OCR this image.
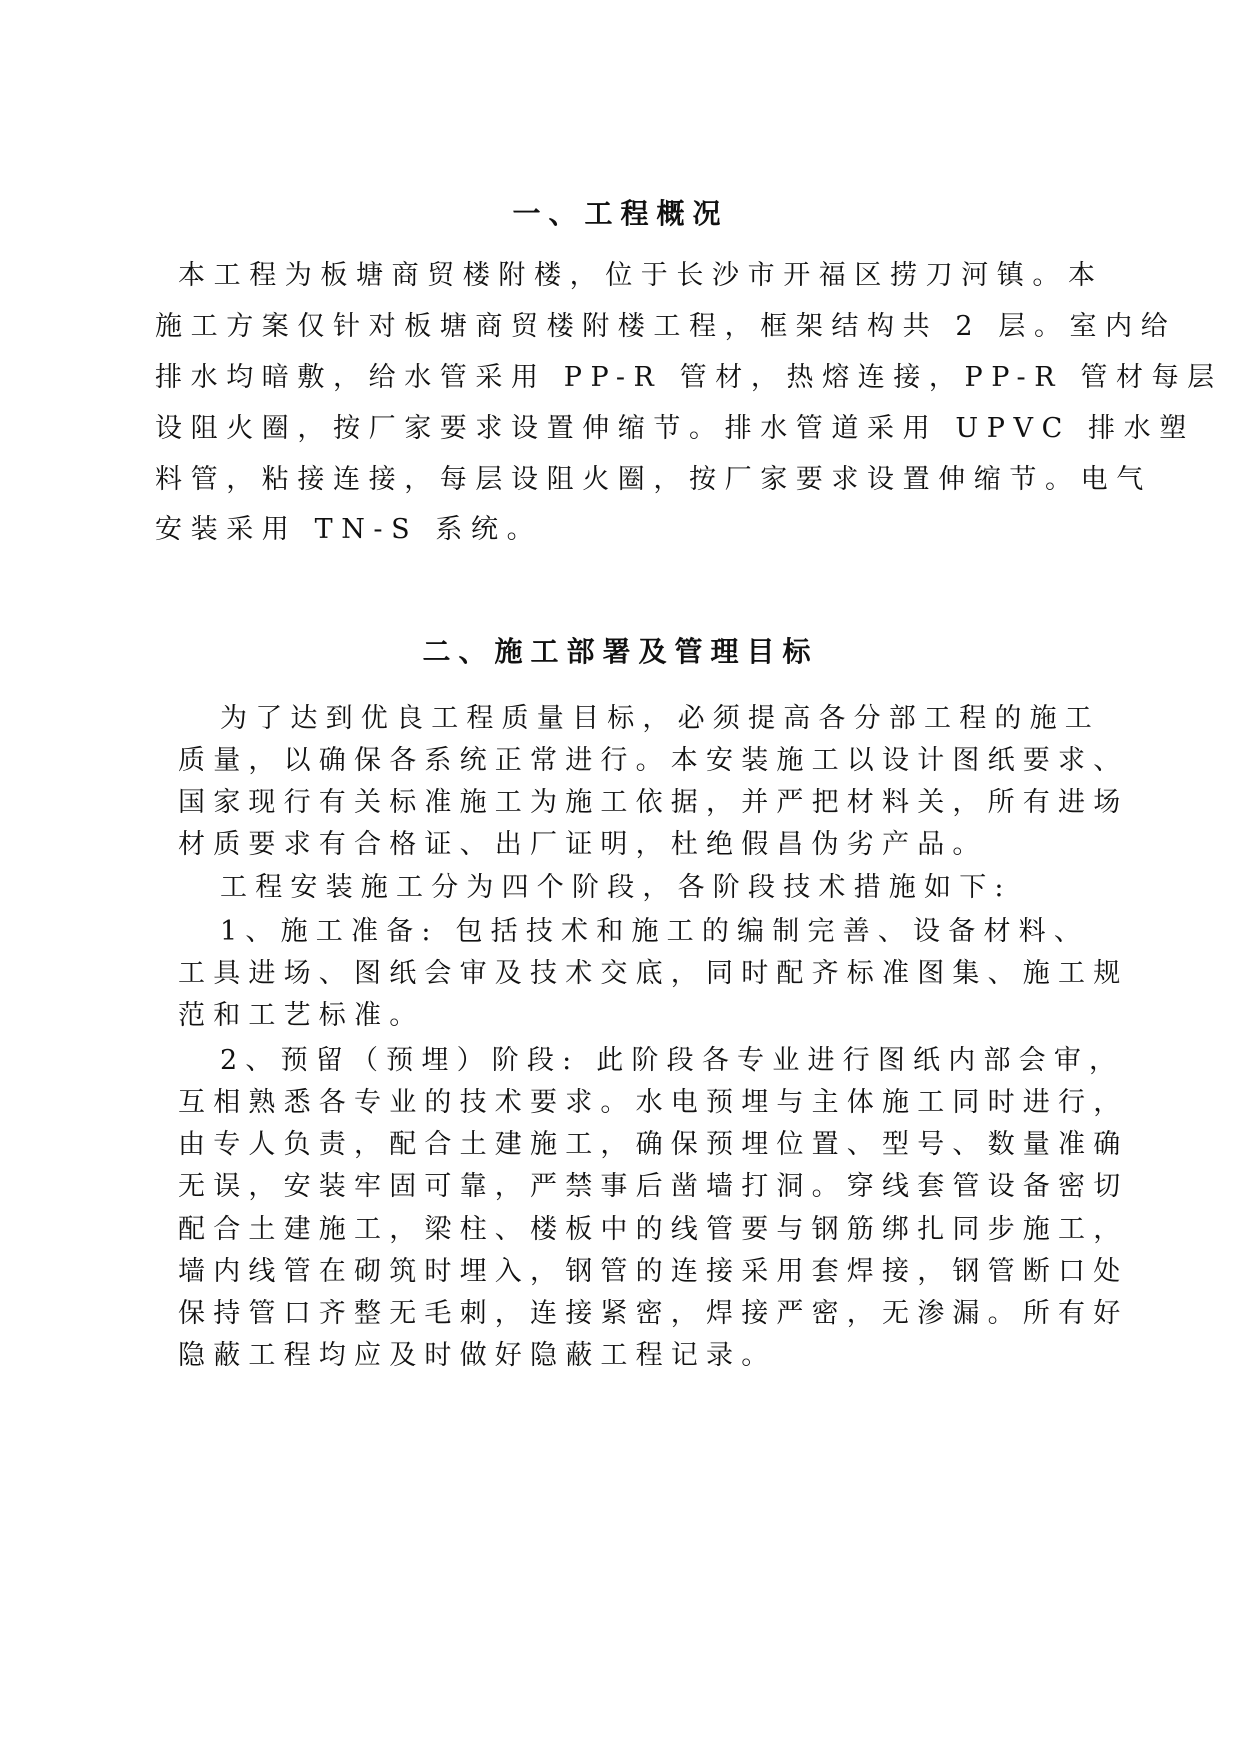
一、工程概况

本工程为板塘商贸楼附楼，位于长沙市开福区捞刀河镇。本

施工方案仅针对板塘商贸楼附楼工程，框架结构共 2 层。室内给

排水均暗敷，给水管采用 PP-R 管材，热熔连接，PP-R 管材每层

设阻火圈，按厂家要求设置伸缩节。排水管道采用 UPVC 排水塑

料管，粘接连接，每层设阻火圈，按厂家要求设置伸缩节。电气

安装采用 TN-S 系统。

二、施工部署及管理目标

为了达到优良工程质量目标，必须提高各分部工程的施工

质量，以确保各系统正常进行。本安装施工以设计图纸要求、

国家现行有关标准施工为施工依据，并严把材料关，所有进场

材质要求有合格证、出厂证明，杜绝假昌伪劣产品。

工程安装施工分为四个阶段，各阶段技术措施如下:

1、施工准备: 包括技术和施工的编制完善、设备材料、

工具进场、图纸会审及技术交底，同时配齐标准图集、施工规

范和工艺标准。

2、预留（预埋）阶段: 此阶段各专业进行图纸内部会审，

互相熟悉各专业的技术要求。水电预埋与主体施工同时进行，

由专人负责，配合土建施工，确保预埋位置、型号、数量准确

无误，安装牢固可靠，严禁事后凿墙打洞。穿线套管设备密切

配合土建施工，梁柱、楼板中的线管要与钢筋绑扎同步施工，

墙内线管在砌筑时埋入，钢管的连接采用套焊接，钢管断口处

保持管口齐整无毛刺，连接紧密，焊接严密，无渗漏。所有好

隐蔽工程均应及时做好隐蔽工程记录。
